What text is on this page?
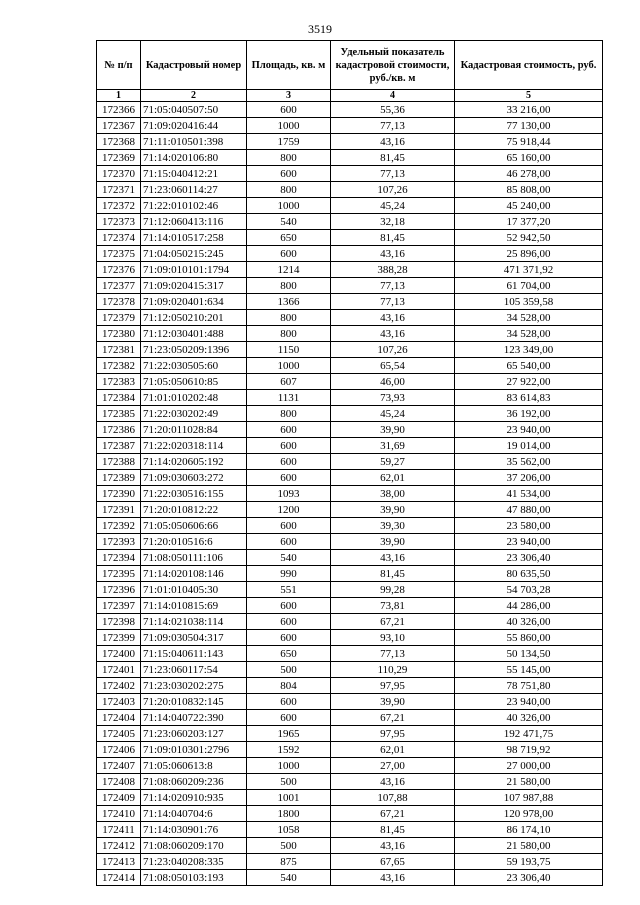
3519
№ п/п	Кадастровый номер	Площадь, кв. м	Удельный показатель кадастровой стоимости, руб./кв. м	Кадастровая стоимость, руб.
1	2	3	4	5
172366	71:05:040507:50	600	55,36	33 216,00
172367	71:09:020416:44	1000	77,13	77 130,00
172368	71:11:010501:398	1759	43,16	75 918,44
172369	71:14:020106:80	800	81,45	65 160,00
172370	71:15:040412:21	600	77,13	46 278,00
172371	71:23:060114:27	800	107,26	85 808,00
172372	71:22:010102:46	1000	45,24	45 240,00
172373	71:12:060413:116	540	32,18	17 377,20
172374	71:14:010517:258	650	81,45	52 942,50
172375	71:04:050215:245	600	43,16	25 896,00
172376	71:09:010101:1794	1214	388,28	471 371,92
172377	71:09:020415:317	800	77,13	61 704,00
172378	71:09:020401:634	1366	77,13	105 359,58
172379	71:12:050210:201	800	43,16	34 528,00
172380	71:12:030401:488	800	43,16	34 528,00
172381	71:23:050209:1396	1150	107,26	123 349,00
172382	71:22:030505:60	1000	65,54	65 540,00
172383	71:05:050610:85	607	46,00	27 922,00
172384	71:01:010202:48	1131	73,93	83 614,83
172385	71:22:030202:49	800	45,24	36 192,00
172386	71:20:011028:84	600	39,90	23 940,00
172387	71:22:020318:114	600	31,69	19 014,00
172388	71:14:020605:192	600	59,27	35 562,00
172389	71:09:030603:272	600	62,01	37 206,00
172390	71:22:030516:155	1093	38,00	41 534,00
172391	71:20:010812:22	1200	39,90	47 880,00
172392	71:05:050606:66	600	39,30	23 580,00
172393	71:20:010516:6	600	39,90	23 940,00
172394	71:08:050111:106	540	43,16	23 306,40
172395	71:14:020108:146	990	81,45	80 635,50
172396	71:01:010405:30	551	99,28	54 703,28
172397	71:14:010815:69	600	73,81	44 286,00
172398	71:14:021038:114	600	67,21	40 326,00
172399	71:09:030504:317	600	93,10	55 860,00
172400	71:15:040611:143	650	77,13	50 134,50
172401	71:23:060117:54	500	110,29	55 145,00
172402	71:23:030202:275	804	97,95	78 751,80
172403	71:20:010832:145	600	39,90	23 940,00
172404	71:14:040722:390	600	67,21	40 326,00
172405	71:23:060203:127	1965	97,95	192 471,75
172406	71:09:010301:2796	1592	62,01	98 719,92
172407	71:05:060613:8	1000	27,00	27 000,00
172408	71:08:060209:236	500	43,16	21 580,00
172409	71:14:020910:935	1001	107,88	107 987,88
172410	71:14:040704:6	1800	67,21	120 978,00
172411	71:14:030901:76	1058	81,45	86 174,10
172412	71:08:060209:170	500	43,16	21 580,00
172413	71:23:040208:335	875	67,65	59 193,75
172414	71:08:050103:193	540	43,16	23 306,40
